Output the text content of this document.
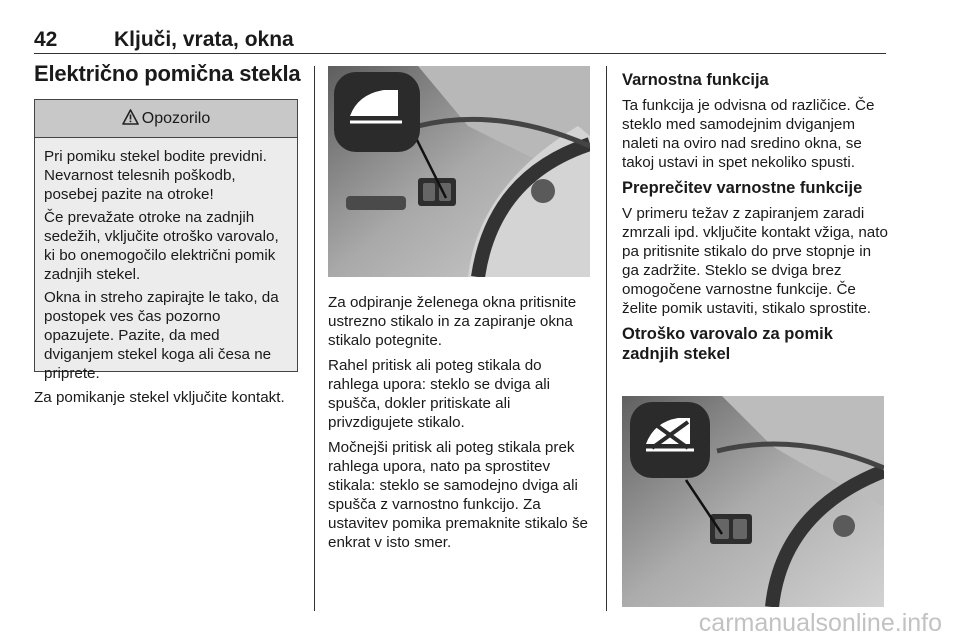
42	Ključi, vrata, okna
Električno pomična stekla
Opozorilo

Pri pomiku stekel bodite previdni. Nevarnost telesnih poškodb, posebej pazite na otroke!

Če prevažate otroke na zadnjih sedežih, vključite otroško varovalo, ki bo onemogočilo električni pomik zadnjih stekel.

Okna in streho zapirajte le tako, da postopek ves čas pozorno opazujete. Pazite, da med dviganjem stekel koga ali česa ne priprete.

Za pomikanje stekel vključite kontakt.

Za odpiranje želenega okna pritisnite ustrezno stikalo in za zapiranje okna stikalo potegnite.

Rahel pritisk ali poteg stikala do rahlega upora: steklo se dviga ali spušča, dokler pritiskate ali privzdigujete stikalo.

Močnejši pritisk ali poteg stikala prek rahlega upora, nato pa sprostitev stikala: steklo se samodejno dviga ali spušča z varnostno funkcijo. Za ustavitev pomika premaknite stikalo še enkrat v isto smer.

Varnostna funkcija

Ta funkcija je odvisna od različice. Če steklo med samodejnim dviganjem naleti na oviro nad sredino okna, se takoj ustavi in spet nekoliko spusti.

Preprečitev varnostne funkcije

V primeru težav z zapiranjem zaradi zmrzali ipd. vključite kontakt vžiga, nato pa pritisnite stikalo do prve stopnje in ga zadržite. Steklo se dviga brez omogočene varnostne funkcije. Če želite pomik ustaviti, stikalo sprostite.

Otroško varovalo za pomik zadnjih stekel
carmanualsonline.info
